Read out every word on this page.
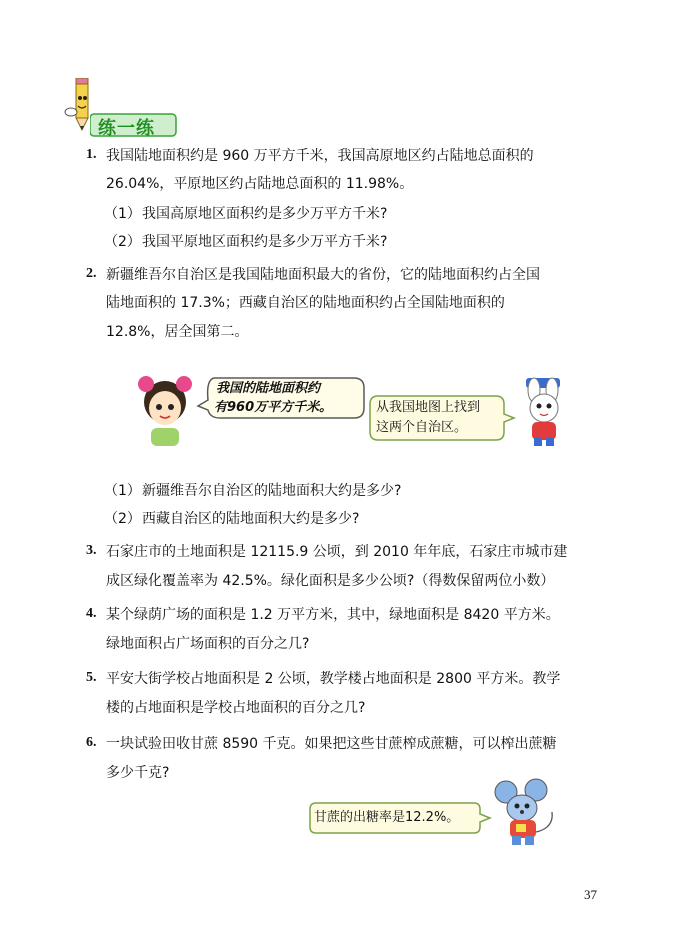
练一练
1. 我国陆地面积约是 960 万平方千米，我国高原地区约占陆地总面积的
26.04%，平原地区约占陆地总面积的 11.98%。
（1） 我国高原地区面积约是多少万平方千米?
（2） 我国平原地区面积约是多少万平方千米?
2. 新疆维吾尔自治区是我国陆地面积最大的省份，它的陆地面积约占全国
陆地面积的 17.3%；西藏自治区的陆地面积约占全国陆地面积的
12.8%，居全国第二。
我国的陆地面积约
有960万平方千米。	从我国地图上找到
这两个自治区。
（1） 新疆维吾尔自治区的陆地面积大约是多少?
（2） 西藏自治区的陆地面积大约是多少?
3. 石家庄市的土地面积是 12115.9 公顷，到 2010 年年底，石家庄市城市建
成区绿化覆盖率为 42.5%。绿化面积是多少公顷?（得数保留两位小数）
4. 某个绿荫广场的面积是 1.2 万平方米，其中，绿地面积是 8420 平方米。
绿地面积占广场面积的百分之几?
5. 平安大街学校占地面积是 2 公顷，教学楼占地面积是 2800 平方米。教学
楼的占地面积是学校占地面积的百分之几?
6. 一块试验田收甘蔗 8590 千克。如果把这些甘蔗榨成蔗糖，可以榨出蔗糖
多少千克?
甘蔗的出糖率是12.2%。
37
